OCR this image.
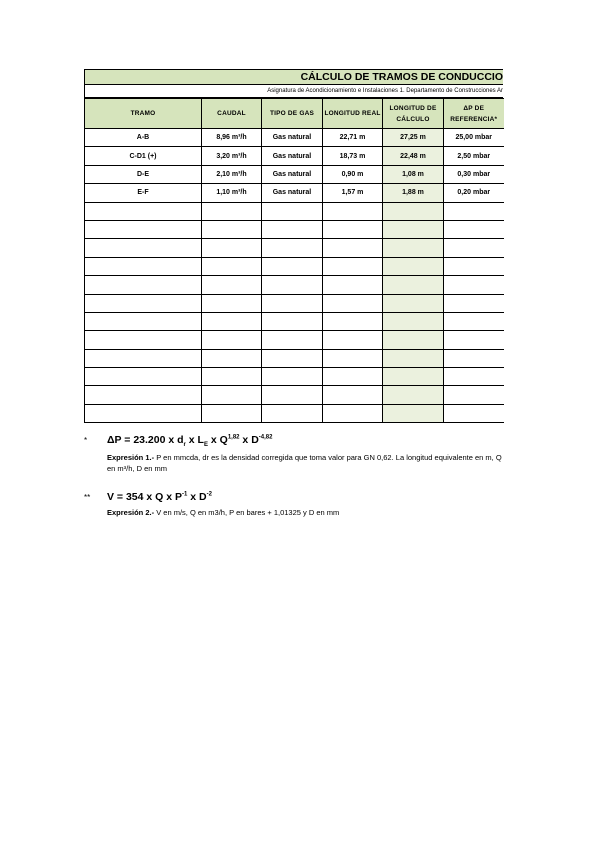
CÁLCULO DE TRAMOS DE CONDUCCIO
Asignatura de Acondicionamiento e Instalaciones 1. Departamento de Construcciones Ar
TRAMO	CAUDAL	TIPO DE GAS	LONGITUD REAL	LONGITUD DE CÁLCULO	ΔP DE REFERENCIA*
A-B	8,96 m³/h	Gas natural	22,71 m	27,25 m	25,00 mbar
C-D1 (+)	3,20 m³/h	Gas natural	18,73 m	22,48 m	2,50 mbar
D-E	2,10 m³/h	Gas natural	0,90 m	1,08 m	0,30 mbar
E-F	1,10 m³/h	Gas natural	1,57 m	1,88 m	0,20 mbar

* ΔP = 23.200 x $d_r$ x $L_E$ x Q$^{1,82}$ x $D^{-4,82}$
Expresión 1.- P en mmcda, dr es la densidad corregida que toma valor para GN 0,62. La longitud equivalente en m, Q en m³/h, D en mm
** V = 354 x Q x $P^{-1}$ x $D^{-2}$
Expresión 2.- V en m/s, Q en m3/h, P en bares + 1,01325 y D en mm
